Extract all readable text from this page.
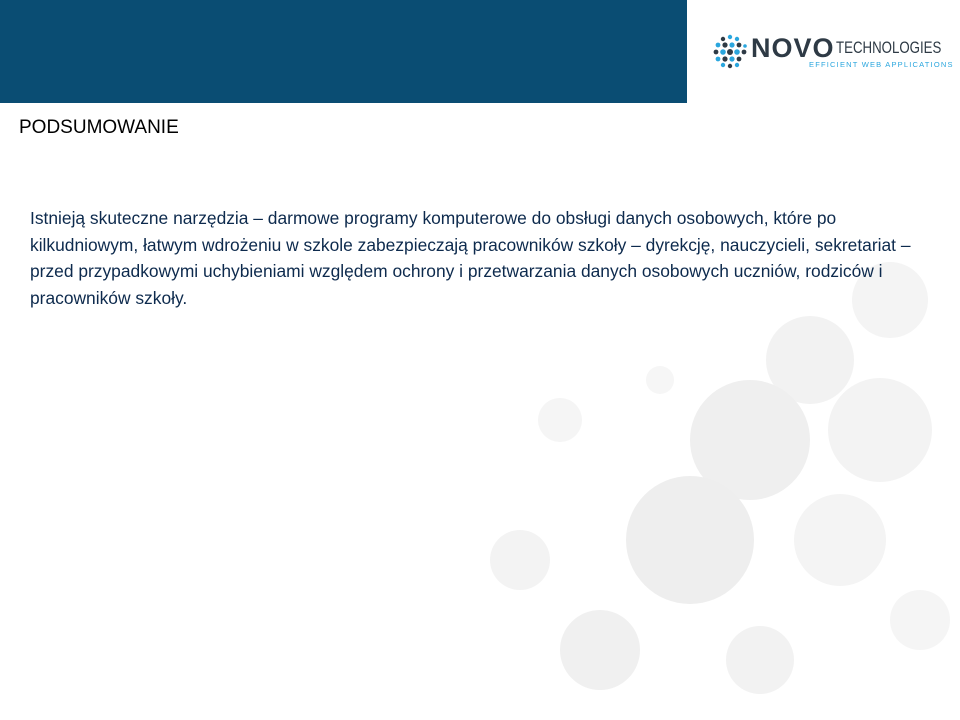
NOVO TECHNOLOGIES
EFFICIENT WEB APPLICATIONS
PODSUMOWANIE

Istnieją skuteczne narzędzia – darmowe programy komputerowe do obsługi danych osobowych, które po kilkudniowym, łatwym wdrożeniu w szkole zabezpieczają pracowników szkoły – dyrekcję, nauczycieli, sekretariat – przed przypadkowymi uchybieniami względem ochrony i przetwarzania danych osobowych uczniów, rodziców i pracowników szkoły.
